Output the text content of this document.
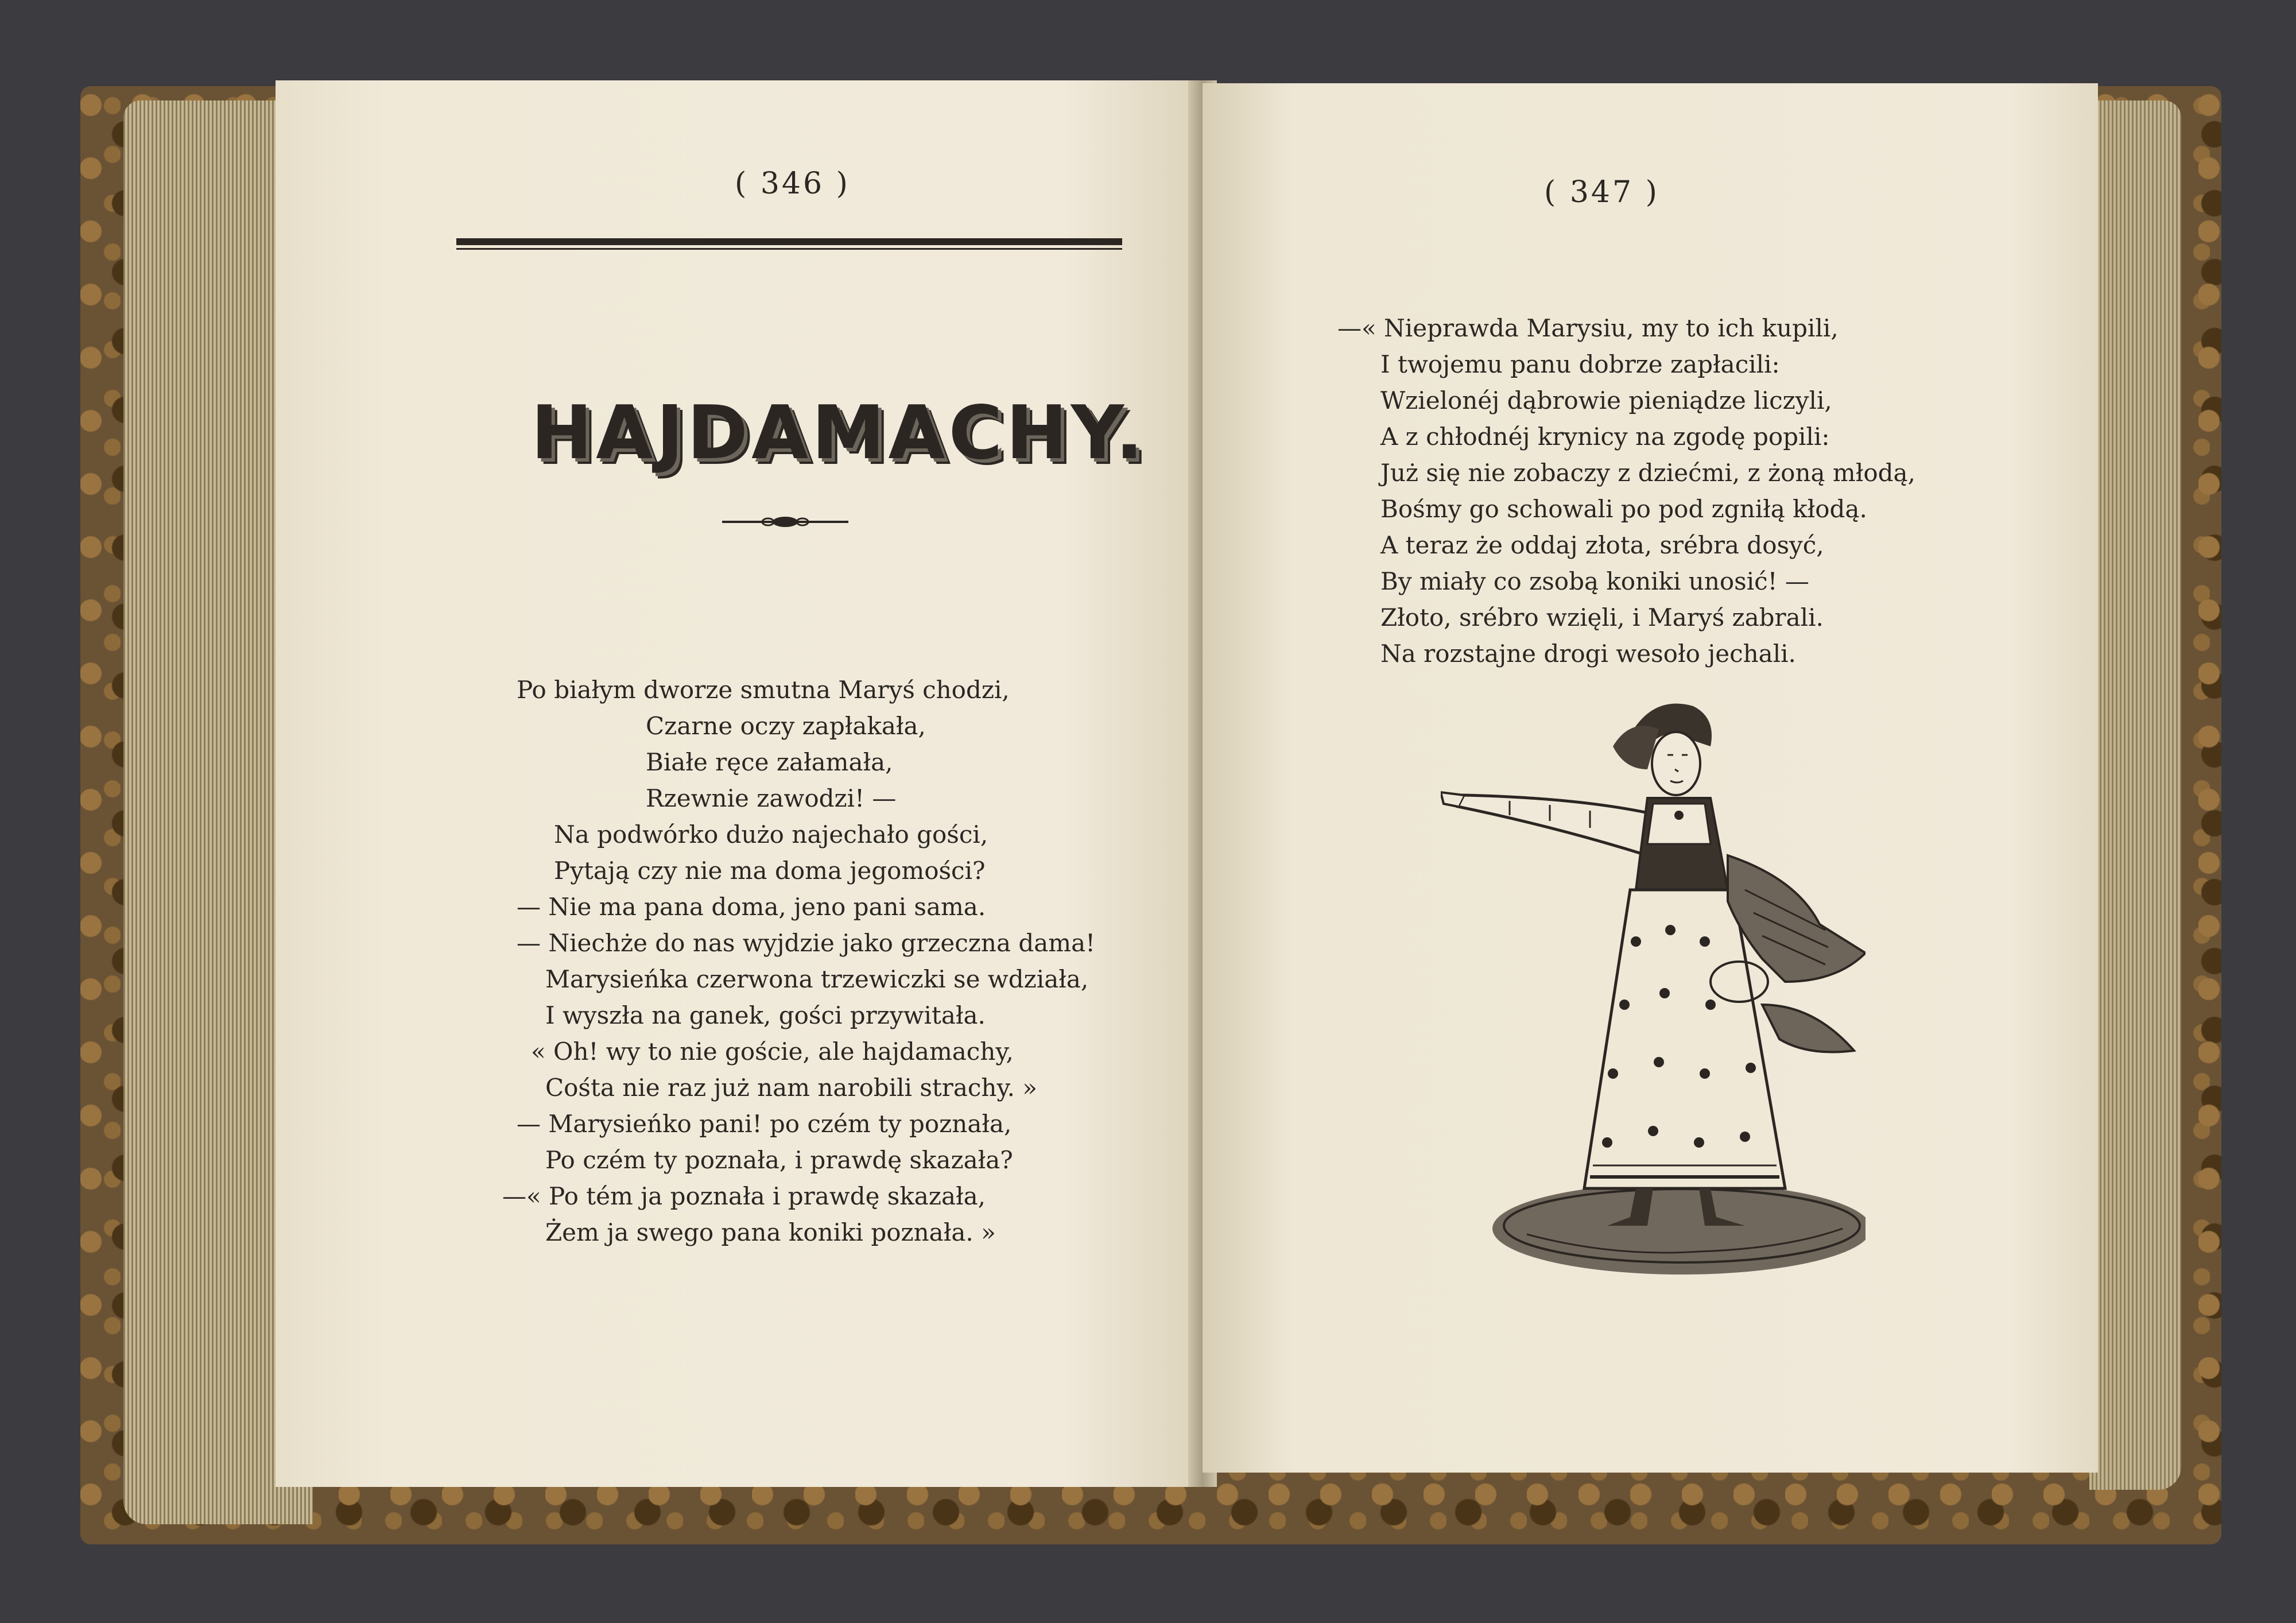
( 346 )
HAJDAMACHY.
Po białym dworze smutna Maryś chodzi,
Czarne oczy zapłakała,
Białe ręce załamała,
Rzewnie zawodzi! —
Na podwórko dużo najechało gości,
Pytają czy nie ma doma jegomości?
— Nie ma pana doma, jeno pani sama.
— Niechże do nas wyjdzie jako grzeczna dama!
Marysieńka czerwona trzewiczki se wdziała,
I wyszła na ganek, gości przywitała.
« Oh! wy to nie goście, ale hajdamachy,
Cośta nie raz już nam narobili strachy. »
— Marysieńko pani! po czém ty poznała,
Po czém ty poznała, i prawdę skazała?
—« Po tém ja poznała i prawdę skazała,
Żem ja swego pana koniki poznała. »
( 347 )
—« Nieprawda Marysiu, my to ich kupili,
I twojemu panu dobrze zapłacili:
Wzielonéj dąbrowie pieniądze liczyli,
A z chłodnéj krynicy na zgodę popili:
Już się nie zobaczy z dziećmi, z żoną młodą,
Bośmy go schowali po pod zgniłą kłodą.
A teraz że oddaj złota, srébra dosyć,
By miały co zsobą koniki unosić! —
Złoto, srébro wzięli, i Maryś zabrali.
Na rozstajne drogi wesoło jechali.
